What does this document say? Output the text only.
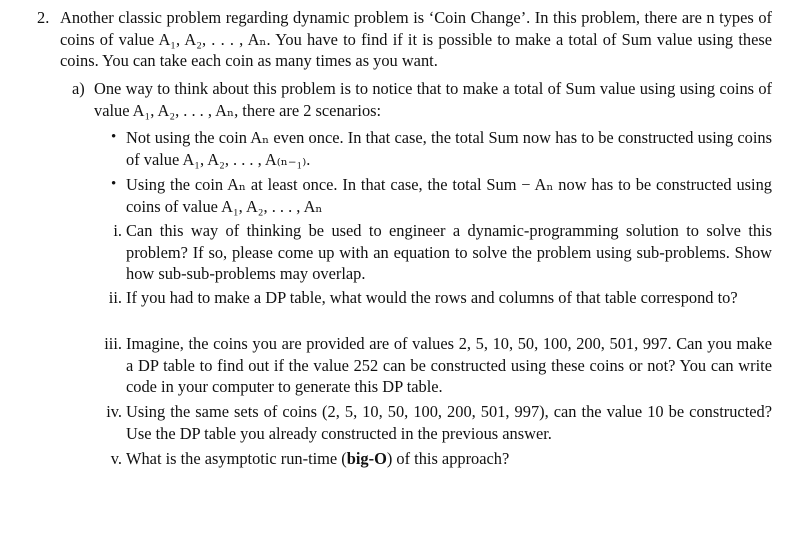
2. Another classic problem regarding dynamic problem is ‘Coin Change’. In this problem, there are n types of coins of value A₁, A₂, . . . , Aₙ. You have to find if it is possible to make a total of Sum value using these coins. You can take each coin as many times as you want.
a) One way to think about this problem is to notice that to make a total of Sum value using using coins of value A₁, A₂, . . . , Aₙ, there are 2 scenarios:
• Not using the coin Aₙ even once. In that case, the total Sum now has to be constructed using coins of value A₁, A₂, . . . , A₍ₙ₋₁₎.
• Using the coin Aₙ at least once. In that case, the total Sum − Aₙ now has to be constructed using coins of value A₁, A₂, . . . , Aₙ
i. Can this way of thinking be used to engineer a dynamic-programming solution to solve this problem? If so, please come up with an equation to solve the problem using sub-problems. Show how sub-sub-problems may overlap.
ii. If you had to make a DP table, what would the rows and columns of that table correspond to?
iii. Imagine, the coins you are provided are of values 2, 5, 10, 50, 100, 200, 501, 997. Can you make a DP table to find out if the value 252 can be constructed using these coins or not? You can write code in your computer to generate this DP table.
iv. Using the same sets of coins (2, 5, 10, 50, 100, 200, 501, 997), can the value 10 be constructed? Use the DP table you already constructed in the previous answer.
v. What is the asymptotic run-time (big-O) of this approach?
